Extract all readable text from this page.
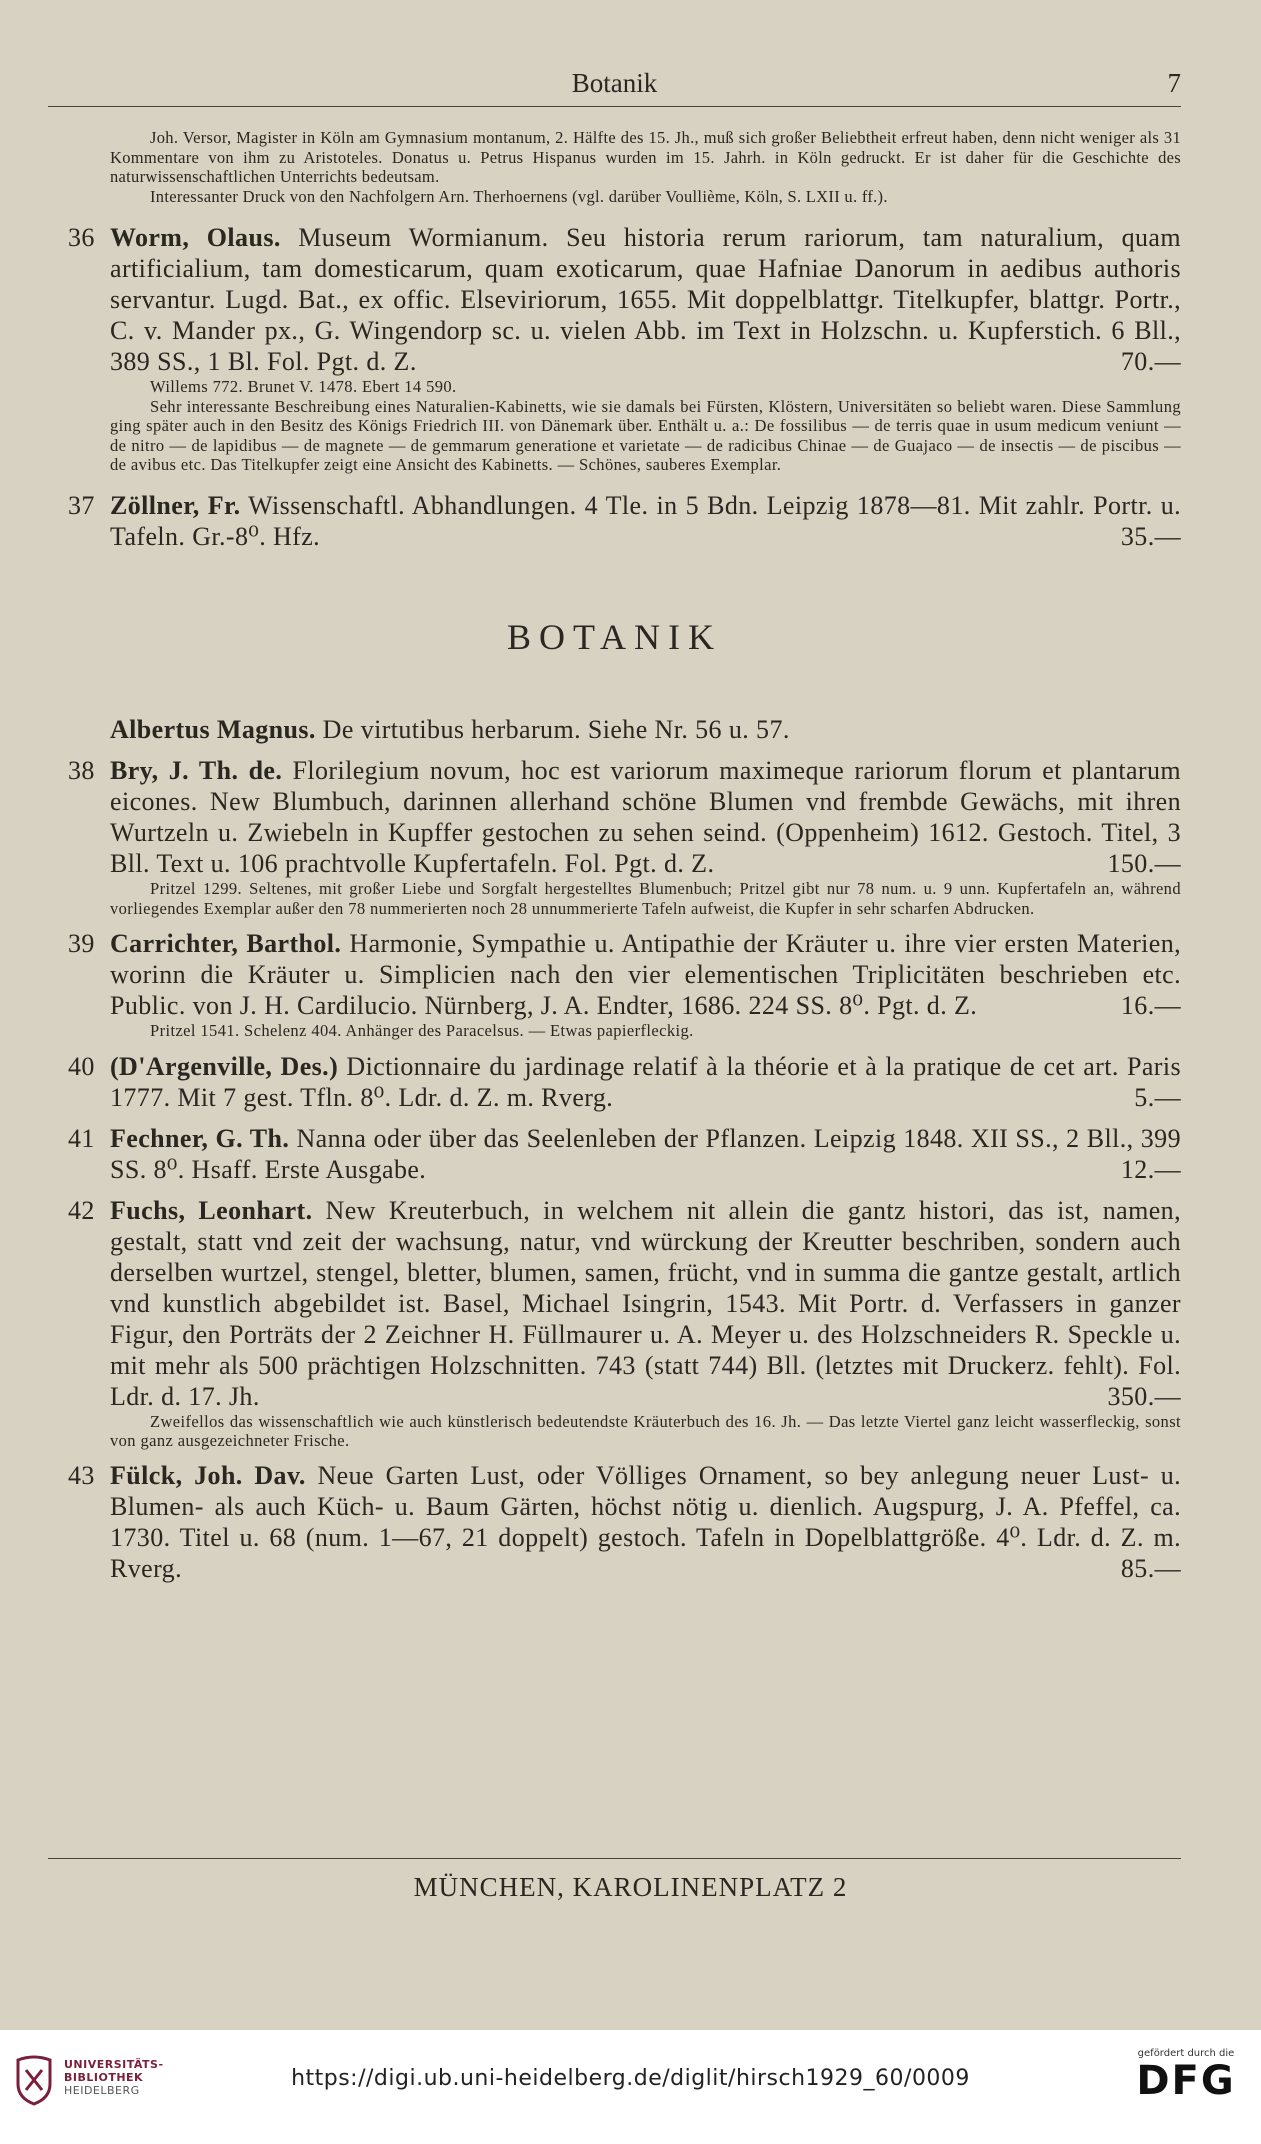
Botanik	7
Joh. Versor, Magister in Köln am Gymnasium montanum, 2. Hälfte des 15. Jh., muß sich großer Beliebtheit erfreut haben, denn nicht weniger als 31 Kommentare von ihm zu Aristoteles. Donatus u. Petrus Hispanus wurden im 15. Jahrh. in Köln gedruckt. Er ist daher für die Geschichte des naturwissenschaftlichen Unterrichts bedeutsam.
Interessanter Druck von den Nachfolgern Arn. Therhoernens (vgl. darüber Voullième, Köln, S. LXII u. ff.).
36 Worm, Olaus. Museum Wormianum. Seu historia rerum rariorum, tam naturalium, quam artificialium, tam domesticarum, quam exoticarum, quae Hafniae Danorum in aedibus authoris servantur. Lugd. Bat., ex offic. Elseviriorum, 1655. Mit doppelblattgr. Titelkupfer, blattgr. Portr., C. v. Mander px., G. Wingendorp sc. u. vielen Abb. im Text in Holzschn. u. Kupferstich. 6 Bll., 389 SS., 1 Bl. Fol. Pgt. d. Z.	70.—
Willems 772. Brunet V. 1478. Ebert 14 590.
Sehr interessante Beschreibung eines Naturalien-Kabinetts, wie sie damals bei Fürsten, Klöstern, Universitäten so beliebt waren. Diese Sammlung ging später auch in den Besitz des Königs Friedrich III. von Dänemark über. Enthält u. a.: De fossilibus — de terris quae in usum medicum veniunt — de nitro — de lapidibus — de magnete — de gemmarum generatione et varietate — de radicibus Chinae — de Guajaco — de insectis — de piscibus — de avibus etc. Das Titelkupfer zeigt eine Ansicht des Kabinetts. — Schönes, sauberes Exemplar.
37 Zöllner, Fr. Wissenschaftl. Abhandlungen. 4 Tle. in 5 Bdn. Leipzig 1878—81. Mit zahlr. Portr. u. Tafeln. Gr.-8⁰. Hfz.	35.—
BOTANIK
Albertus Magnus. De virtutibus herbarum. Siehe Nr. 56 u. 57.
38 Bry, J. Th. de. Florilegium novum, hoc est variorum maximeque rariorum florum et plantarum eicones. New Blumbuch, darinnen allerhand schöne Blumen vnd frembde Gewächs, mit ihren Wurtzeln u. Zwiebeln in Kupffer gestochen zu sehen seind. (Oppenheim) 1612. Gestoch. Titel, 3 Bll. Text u. 106 prachtvolle Kupfertafeln. Fol. Pgt. d. Z.	150.—
Pritzel 1299. Seltenes, mit großer Liebe und Sorgfalt hergestelltes Blumenbuch; Pritzel gibt nur 78 num. u. 9 unn. Kupfertafeln an, während vorliegendes Exemplar außer den 78 nummerierten noch 28 unnummerierte Tafeln aufweist, die Kupfer in sehr scharfen Abdrucken.
39 Carrichter, Barthol. Harmonie, Sympathie u. Antipathie der Kräuter u. ihre vier ersten Materien, worinn die Kräuter u. Simplicien nach den vier elementischen Triplicitäten beschrieben etc. Public. von J. H. Cardilucio. Nürnberg, J. A. Endter, 1686. 224 SS. 8⁰. Pgt. d. Z.	16.—
Pritzel 1541. Schelenz 404. Anhänger des Paracelsus. — Etwas papierfleckig.
40 (D'Argenville, Des.) Dictionnaire du jardinage relatif à la théorie et à la pratique de cet art. Paris 1777. Mit 7 gest. Tfln. 8⁰. Ldr. d. Z. m. Rverg.	5.—
41 Fechner, G. Th. Nanna oder über das Seelenleben der Pflanzen. Leipzig 1848. XII SS., 2 Bll., 399 SS. 8⁰. Hsaff. Erste Ausgabe.	12.—
42 Fuchs, Leonhart. New Kreuterbuch, in welchem nit allein die gantz histori, das ist, namen, gestalt, statt vnd zeit der wachsung, natur, vnd würckung der Kreutter beschriben, sondern auch derselben wurtzel, stengel, bletter, blumen, samen, frücht, vnd in summa die gantze gestalt, artlich vnd kunstlich abgebildet ist. Basel, Michael Isingrin, 1543. Mit Portr. d. Verfassers in ganzer Figur, den Porträts der 2 Zeichner H. Füllmaurer u. A. Meyer u. des Holzschneiders R. Speckle u. mit mehr als 500 prächtigen Holzschnitten. 743 (statt 744) Bll. (letztes mit Druckerz. fehlt). Fol. Ldr. d. 17. Jh.	350.—
Zweifellos das wissenschaftlich wie auch künstlerisch bedeutendste Kräuterbuch des 16. Jh. — Das letzte Viertel ganz leicht wasserfleckig, sonst von ganz ausgezeichneter Frische.
43 Fülck, Joh. Dav. Neue Garten Lust, oder Völliges Ornament, so bey anlegung neuer Lust- u. Blumen- als auch Küch- u. Baum Gärten, höchst nötig u. dienlich. Augspurg, J. A. Pfeffel, ca. 1730. Titel u. 68 (num. 1—67, 21 doppelt) gestoch. Tafeln in Dopelblattgröße. 4⁰. Ldr. d. Z. m. Rverg.	85.—
MÜNCHEN, KAROLINENPLATZ 2
UNIVERSITÄTS-
BIBLIOTHEK
HEIDELBERG	https://digi.ub.uni-heidelberg.de/diglit/hirsch1929_60/0009
gefördert durch die
DFG
